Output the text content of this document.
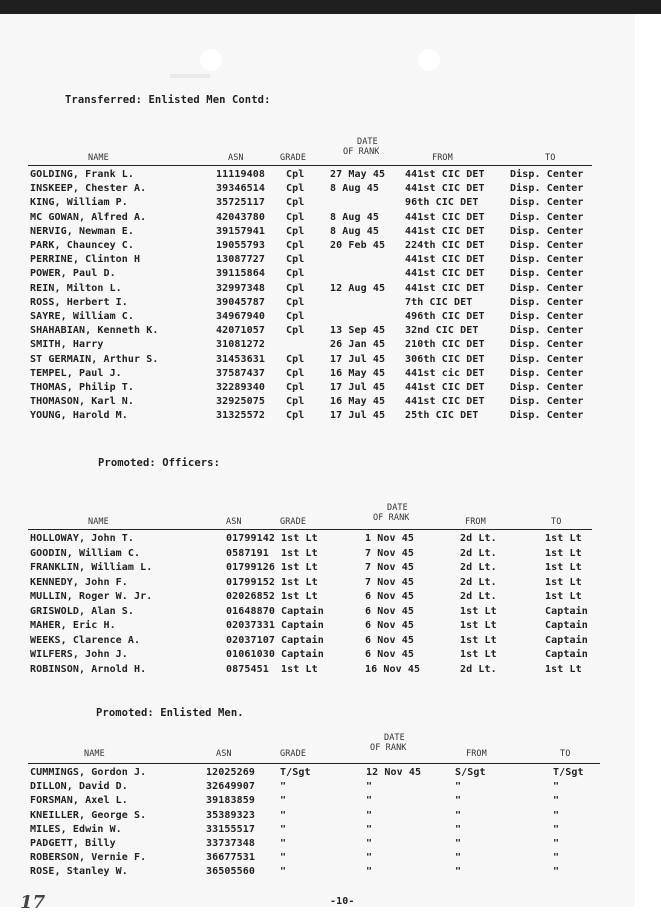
Transferred: Enlisted Men Contd:
DATE
OF RANK
NAME	ASN	GRADE	FROM	TO
GOLDING, Frank L.	11119408 Cpl	27 May 45 441st CIC DET	Disp. Center
INSKEEP, Chester A.	39346514 Cpl	8 Aug 45	441st CIC DET	Disp. Center
KING, William P.	35725117 Cpl	96th CIC DET	Disp. Center
MC GOWAN, Alfred A.	42043780 Cpl	8 Aug 45	441st CIC DET	Disp. Center
NERVIG, Newman E.	39157941 Cpl	8 Aug 45	441st CIC DET	Disp. Center
PARK, Chauncey C.	19055793 Cpl	20 Feb 45 224th CIC DET	Disp. Center
PERRINE, Clinton H	13087727 Cpl	441st CIC DET	Disp. Center
POWER, Paul D.	39115864 Cpl	441st CIC DET	Disp. Center
REIN, Milton L.	32997348 Cpl	12 Aug 45 441st CIC DET	Disp. Center
ROSS, Herbert I.	39045787 Cpl	7th CIC DET	Disp. Center
SAYRE, William C.	34967940 Cpl	496th CIC DET	Disp. Center
SHAHABIAN, Kenneth K.	42071057 Cpl	13 Sep 45 32nd CIC DET	Disp. Center
SMITH, Harry	31081272	26 Jan 45 210th CIC DET	Disp. Center
ST GERMAIN, Arthur S.	31453631 Cpl	17 Jul 45 306th CIC DET	Disp. Center
TEMPEL, Paul J.	37587437 Cpl	16 May 45 441st cic DET	Disp. Center
THOMAS, Philip T.	32289340 Cpl	17 Jul 45 441st CIC DET	Disp. Center
THOMASON, Karl N.	32925075 Cpl	16 May 45 441st CIC DET	Disp. Center
YOUNG, Harold M.	31325572 Cpl	17 Jul 45 25th CIC DET	Disp. Center
Promoted: Officers:
DATE
OF RANK
NAME	ASN	GRADE	FROM	TO
HOLLOWAY, John T.	01799142 1st Lt	1 Nov 45	2d Lt.	1st Lt
GOODIN, William C.	0587191 1st Lt	7 Nov 45	2d Lt.	1st Lt
FRANKLIN, William L.	01799126 1st Lt	7 Nov 45	2d Lt.	1st Lt
KENNEDY, John F.	01799152 1st Lt	7 Nov 45	2d Lt.	1st Lt
MULLIN, Roger W. Jr.	02026852 1st Lt	6 Nov 45	2d Lt.	1st Lt
GRISWOLD, Alan S.	01648870 Captain	6 Nov 45	1st Lt	Captain
MAHER, Eric H.	02037331 Captain	6 Nov 45	1st Lt	Captain
WEEKS, Clarence A.	02037107 Captain	6 Nov 45	1st Lt	Captain
WILFERS, John J.	01061030 Captain	6 Nov 45	1st Lt	Captain
ROBINSON, Arnold H.	0875451 1st Lt	16 Nov 45	2d Lt.	1st Lt
Promoted: Enlisted Men.
DATE
OF RANK
NAME	ASN	GRADE	FROM	TO
CUMMINGS, Gordon J.	12025269	T/Sgt	12 Nov 45	S/Sgt	T/Sgt
DILLON, David D.	32649907	"	"	"	"
FORSMAN, Axel L.	39183859	"	"	"	"
KNEILLER, George S.	35389323	"	"	"	"
MILES, Edwin W.	33155517	"	"	"	"
PADGETT, Billy	33737348	"	"	"	"
ROBERSON, Vernie F.	36677531	"	"	"	"
ROSE, Stanley W.	36505560	"	"	"	"
-10-
17
